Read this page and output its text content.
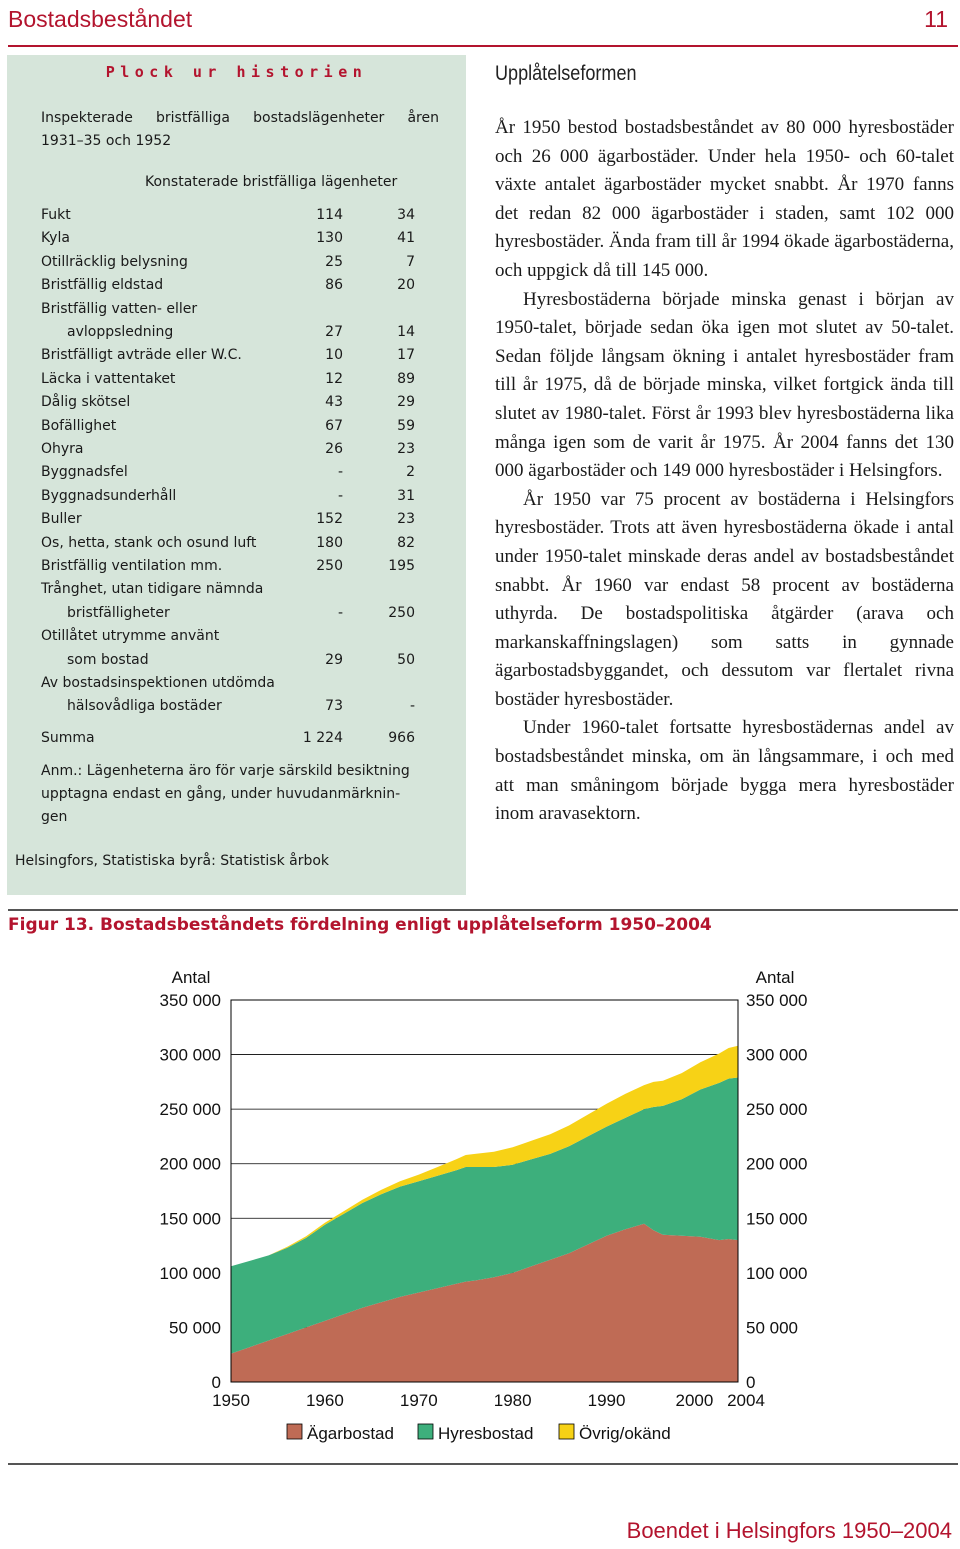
Bostadsbeståndet	11
Plock ur historien
Inspekterade bristfälliga bostadslägenheter åren
1931–35 och 1952
Konstaterade bristfälliga lägenheter
Fukt	114	34
Kyla	130	41
Otillräcklig belysning	25	7
Bristfällig eldstad	86	20
Bristfällig vatten- eller
avloppsledning	27	14
Bristfälligt avträde eller W.C.	10	17
Läcka i vattentaket	12	89
Dålig skötsel	43	29
Bofällighet	67	59
Ohyra	26	23
Byggnadsfel	-	2
Byggnadsunderhåll	-	31
Buller	152	23
Os, hetta, stank och osund luft	180	82
Bristfällig ventilation mm.	250	195
Trånghet, utan tidigare nämnda
bristfälligheter	-	250
Otillåtet utrymme använt
som bostad	29	50
Av bostadsinspektionen utdömda
hälsovådliga bostäder	73	-
Summa	1 224	966
Anm.: Lägenheterna äro för varje särskild besiktning
upptagna endast en gång, under huvudanmärknin-
gen
Helsingfors, Statistiska byrå: Statistisk årbok
Upplåtelseformen

År 1950 bestod bostadsbeståndet av 80 000 hyresbostäder och 26 000 ägarbostäder. Under hela 1950- och 60-talet växte antalet ägarbostäder mycket snabbt. År 1970 fanns det redan 82 000 ägarbostäder i staden, samt 102 000 hyresbostäder. Ända fram till år 1994 ökade ägarbostäderna, och uppgick då till 145 000.

Hyresbostäderna började minska genast i början av 1950-talet, började sedan öka igen mot slutet av 50-talet. Sedan följde långsam ökning i antalet hyresbostäder fram till år 1975, då de började minska, vilket fortgick ända till slutet av 1980-talet. Först år 1993 blev hyresbostäderna lika många igen som de varit år 1975. År 2004 fanns det 130 000 ägarbostäder och 149 000 hyresbostäder i Helsingfors.

År 1950 var 75 procent av bostäderna i Helsingfors hyresbostäder. Trots att även hyresbostäderna ökade i antal under 1950-talet minskade deras andel av bostadsbeståndet snabbt. År 1960 var endast 58 procent av bostäderna uthyrda. De bostadspolitiska åtgärder (arava och markanskaffningslagen) som satts in gynnade ägarbostadsbyggandet, och dessutom var flertalet rivna bostäder hyresbostäder.

Under 1960-talet fortsatte hyresbostädernas andel av bostadsbeståndet minska, om än långsammare, i och med att man småningom började bygga mera hyresbostäder inom aravasektorn.

Figur 13. Bostadsbeståndets fördelning enligt upplåtelseform 1950–2004
Antal	Antal
0	0
50 000	50 000
100 000	100 000
150 000	150 000
200 000	200 000
250 000	250 000
300 000	300 000
350 000	350 000
1950	1960	1970	1980	1990	2000 2004
Ägarbostad	Hyresbostad	Övrig/okänd
Boendet i Helsingfors 1950–2004
